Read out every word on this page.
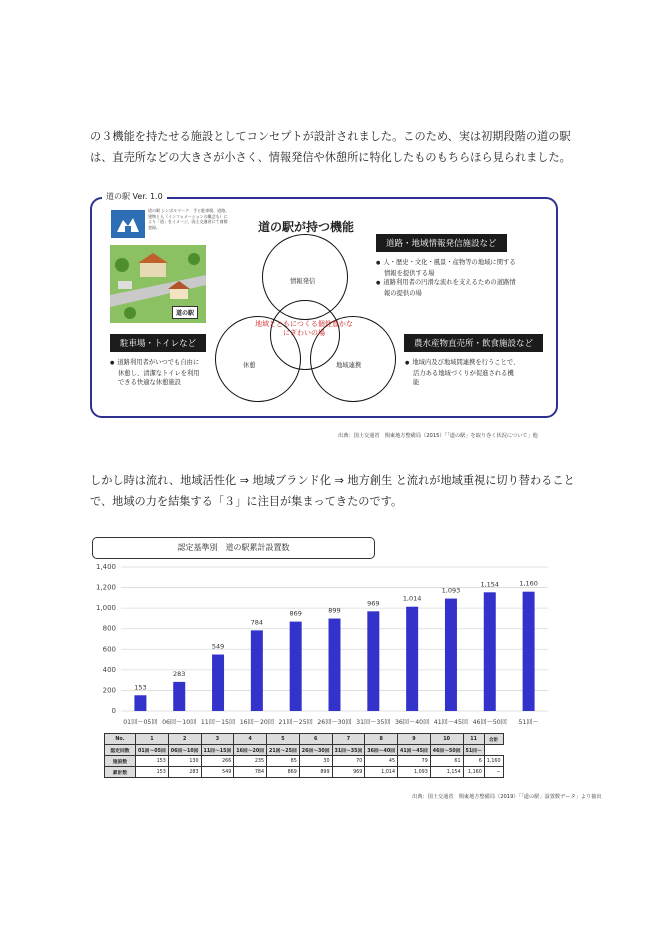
の３機能を持たせる施設としてコンセプトが設計されました。このため、実は初期段階の道の駅は、直売所などの大きさが小さく、情報発信や休憩所に特化したものもちらほら見られました。

道の駅 Ver. 1.0
道の駅 シンボルマーク　手と駐車場、道路、建物と人（インフォメーションの概念も）により「道」をイメージ。国土交通省にて商標登録。
道の駅
道の駅が持つ機能
情報発信
休憩	地域連携
地域とともにつくる個性豊かなにぎわいの場
道路・地域情報発信施設など
● 人・歴史・文化・風景・産物等の地域に関する情報を提供する場
● 道路利用者の円滑な流れを支えるための道路情報の提供の場
駐車場・トイレなど
● 道路利用者がいつでも自由に休憩し、清潔なトイレを利用できる快適な休憩施設
農水産物直売所・飲食施設など
● 地域内及び地域間連携を行うことで、活力ある地域づくりが促進される機能
出典：国土交通省　関東地方整備局（2015）「「道の駅」を取り巻く状況について」他

しかし時は流れ、地域活性化 ⇒ 地域ブランド化 ⇒ 地方創生 と流れが地域重視に切り替わることで、地域の力を結集する「３」に注目が集まってきたのです。

認定基準別　道の駅累計設置数
0
200
400
600
800
1,000
1,200
1,400
153
01回〜05回
283
06回〜10回
549
11回〜15回
784
16回〜20回
869
21回〜25回
899
26回〜30回
969
31回〜35回
1,014
36回〜40回
1,093
41回〜45回
1,154
46回〜50回
1,160
51回〜
No.	1	2	3	4	5	6	7	8	9	10	11	合計
認定回数	01回〜05回	06回〜10回	11回〜15回	16回〜20回	21回〜25回	26回〜30回	31回〜35回	36回〜40回	41回〜45回	46回〜50回	51回〜	
施設数	153	130	266	235	85	30	70	45	79	61	6	1,160
累計数	153	283	549	784	869	899	969	1,014	1,093	1,154	1,160	−
出典：国土交通省　関東地方整備局（2019）「「道の駅」設置数データ」より抽出
